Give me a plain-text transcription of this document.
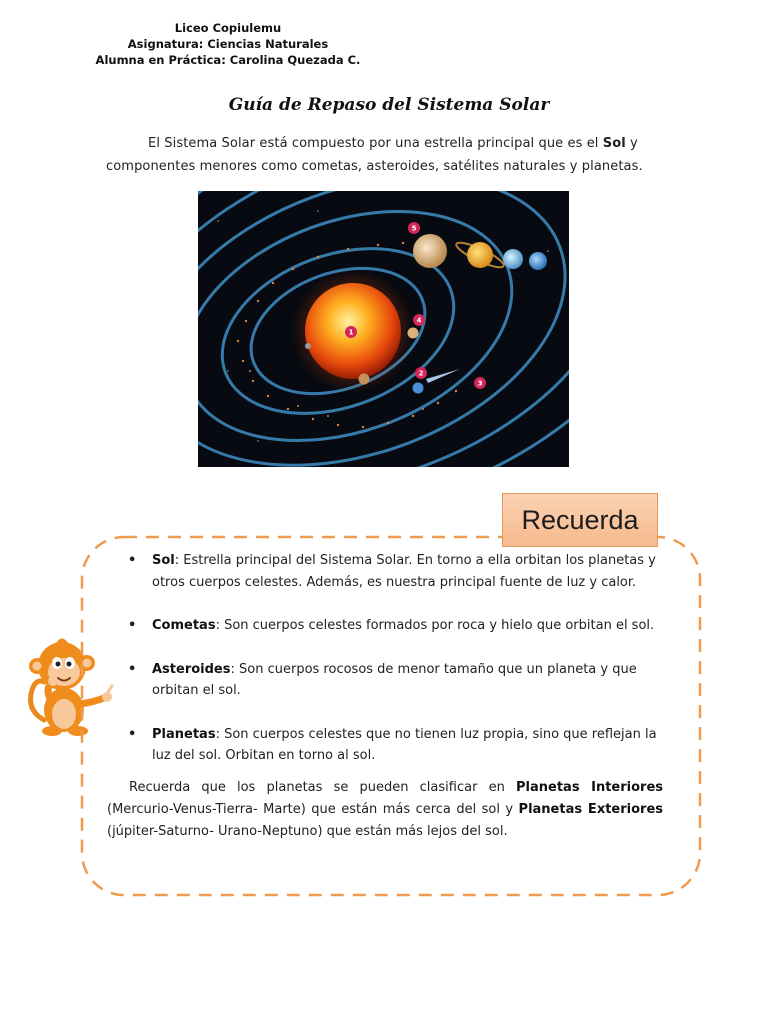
Liceo Copiulemu
Asignatura: Ciencias Naturales
Alumna en Práctica: Carolina Quezada C.
Guía de Repaso del Sistema Solar

El Sistema Solar está compuesto por una estrella principal que es el Sol y componentes menores como cometas, asteroides, satélites naturales y planetas.

1
2
3
4
5
Recuerda
• Sol: Estrella principal del Sistema Solar. En torno a ella orbitan los planetas y otros cuerpos celestes. Además, es nuestra principal fuente de luz y calor.
• Cometas: Son cuerpos celestes formados por roca y hielo que orbitan el sol.
• Asteroides: Son cuerpos rocosos de menor tamaño que un planeta y que orbitan el sol.
• Planetas: Son cuerpos celestes que no tienen luz propia, sino que reflejan la luz del sol. Orbitan en torno al sol.

Recuerda que los planetas se pueden clasificar en Planetas Interiores (Mercurio-Venus-Tierra- Marte) que están más cerca del sol y Planetas Exteriores (júpiter-Saturno- Urano-Neptuno) que están más lejos del sol.
